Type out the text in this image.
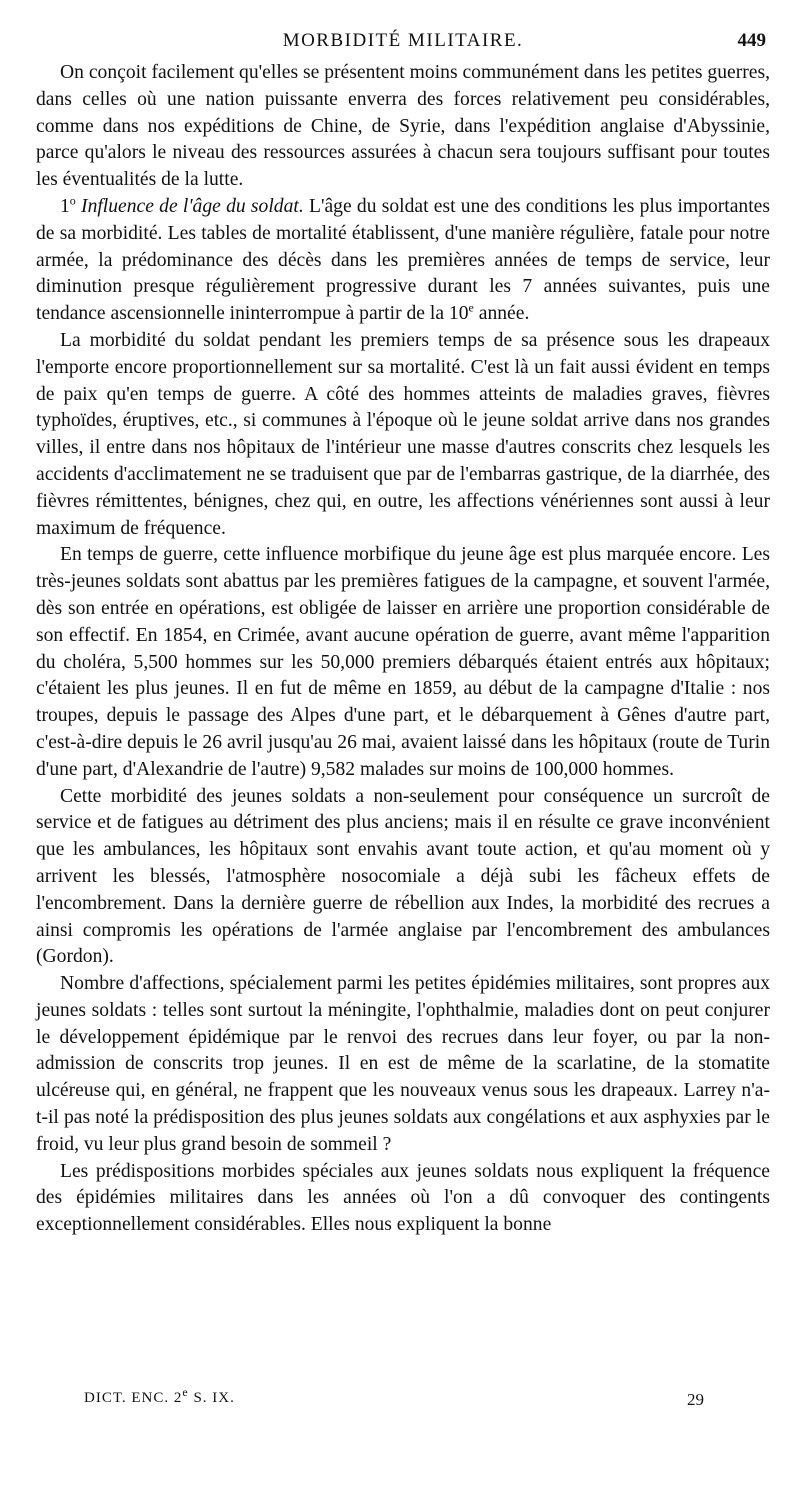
MORBIDITÉ MILITAIRE.	449

On conçoit facilement qu'elles se présentent moins communément dans les petites guerres, dans celles où une nation puissante enverra des forces relativement peu considérables, comme dans nos expéditions de Chine, de Syrie, dans l'expédition anglaise d'Abyssinie, parce qu'alors le niveau des ressources assurées à chacun sera toujours suffisant pour toutes les éventualités de la lutte.

1$^o$ Influence de l'âge du soldat. L'âge du soldat est une des conditions les plus importantes de sa morbidité. Les tables de mortalité établissent, d'une manière régulière, fatale pour notre armée, la prédominance des décès dans les premières années de temps de service, leur diminution presque régulièrement progressive durant les 7 années suivantes, puis une tendance ascensionnelle ininterrompue à partir de la 10e année.

La morbidité du soldat pendant les premiers temps de sa présence sous les drapeaux l'emporte encore proportionnellement sur sa mortalité. C'est là un fait aussi évident en temps de paix qu'en temps de guerre. A côté des hommes atteints de maladies graves, fièvres typhoïdes, éruptives, etc., si communes à l'époque où le jeune soldat arrive dans nos grandes villes, il entre dans nos hôpitaux de l'intérieur une masse d'autres conscrits chez lesquels les accidents d'acclimatement ne se traduisent que par de l'embarras gastrique, de la diarrhée, des fièvres rémittentes, bénignes, chez qui, en outre, les affections vénériennes sont aussi à leur maximum de fréquence.

En temps de guerre, cette influence morbifique du jeune âge est plus marquée encore. Les très-jeunes soldats sont abattus par les premières fatigues de la campagne, et souvent l'armée, dès son entrée en opérations, est obligée de laisser en arrière une proportion considérable de son effectif. En 1854, en Crimée, avant aucune opération de guerre, avant même l'apparition du choléra, 5,500 hommes sur les 50,000 premiers débarqués étaient entrés aux hôpitaux; c'étaient les plus jeunes. Il en fut de même en 1859, au début de la campagne d'Italie : nos troupes, depuis le passage des Alpes d'une part, et le débarquement à Gênes d'autre part, c'est-à-dire depuis le 26 avril jusqu'au 26 mai, avaient laissé dans les hôpitaux (route de Turin d'une part, d'Alexandrie de l'autre) 9,582 malades sur moins de 100,000 hommes.

Cette morbidité des jeunes soldats a non-seulement pour conséquence un surcroît de service et de fatigues au détriment des plus anciens; mais il en résulte ce grave inconvénient que les ambulances, les hôpitaux sont envahis avant toute action, et qu'au moment où y arrivent les blessés, l'atmosphère nosocomiale a déjà subi les fâcheux effets de l'encombrement. Dans la dernière guerre de rébellion aux Indes, la morbidité des recrues a ainsi compromis les opérations de l'armée anglaise par l'encombrement des ambulances (Gordon).

Nombre d'affections, spécialement parmi les petites épidémies militaires, sont propres aux jeunes soldats : telles sont surtout la méningite, l'ophthalmie, maladies dont on peut conjurer le développement épidémique par le renvoi des recrues dans leur foyer, ou par la non-admission de conscrits trop jeunes. Il en est de même de la scarlatine, de la stomatite ulcéreuse qui, en général, ne frappent que les nouveaux venus sous les drapeaux. Larrey n'a-t-il pas noté la prédisposition des plus jeunes soldats aux congélations et aux asphyxies par le froid, vu leur plus grand besoin de sommeil ?

Les prédispositions morbides spéciales aux jeunes soldats nous expliquent la fréquence des épidémies militaires dans les années où l'on a dû convoquer des contingents exceptionnellement considérables. Elles nous expliquent la bonne

DICT. ENC. 2e S. IX.	29
